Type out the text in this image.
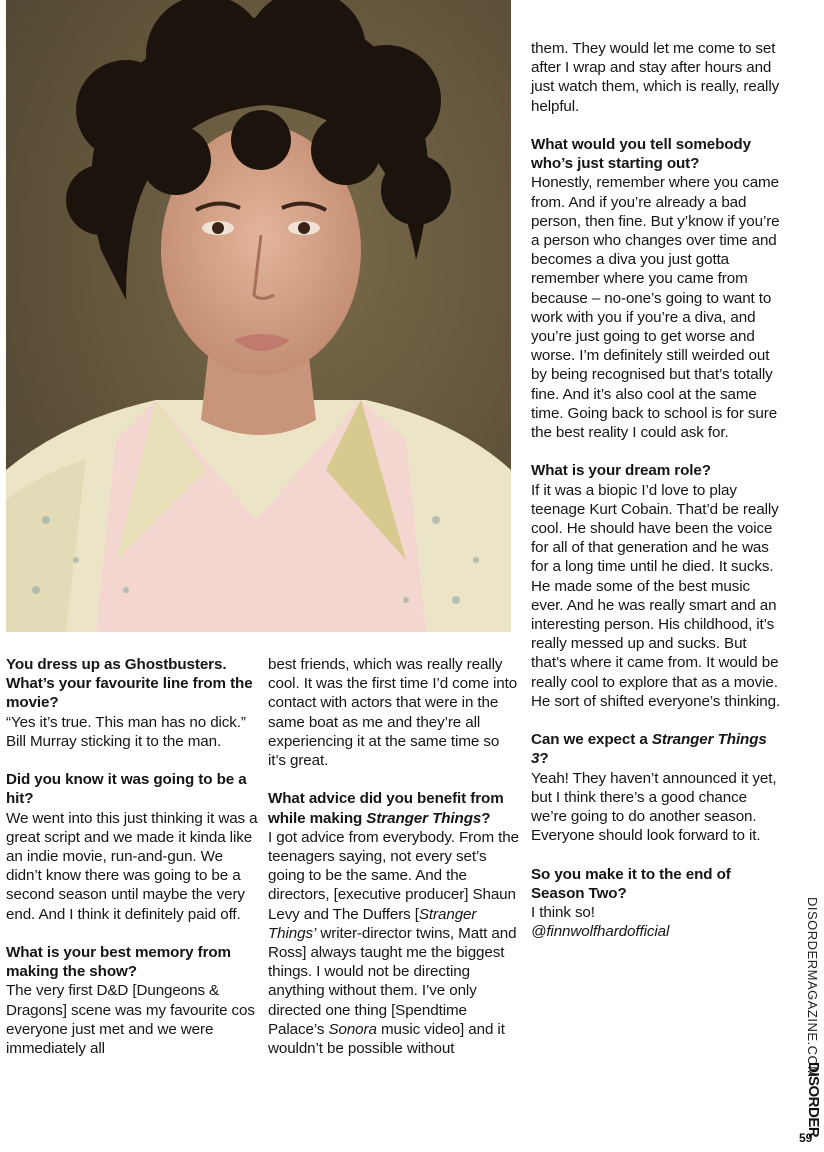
You dress up as Ghostbusters. What’s your favourite line from the movie?

“Yes it’s true. This man has no dick.” Bill Murray sticking it to the man.

Did you know it was going to be a hit?

We went into this just thinking it was a great script and we made it kinda like an indie movie, run-and-gun. We didn’t know there was going to be a second season until maybe the very end. And I think it definitely paid off.

What is your best memory from making the show?

The very first D&D [Dungeons & Dragons] scene was my favourite cos everyone just met and we were immediately all

best friends, which was really really cool. It was the first time I’d come into contact with actors that were in the same boat as me and they’re all experiencing it at the same time so it’s great.

What advice did you benefit from while making Stranger Things?

I got advice from everybody. From the teenagers saying, not every set’s going to be the same. And the directors, [executive producer] Shaun Levy and The Duffers [Stranger Things’ writer-director twins, Matt and Ross] always taught me the biggest things. I would not be directing anything without them. I’ve only directed one thing [Spendtime Palace’s Sonora music video] and it wouldn’t be possible without

them. They would let me come to set after I wrap and stay after hours and just watch them, which is really, really helpful.

What would you tell somebody who’s just starting out?

Honestly, remember where you came from. And if you’re already a bad person, then fine. But y’know if you’re a person who changes over time and becomes a diva you just gotta remember where you came from because – no-one’s going to want to work with you if you’re a diva, and you’re just going to get worse and worse. I’m definitely still weirded out by being recognised but that’s totally fine. And it’s also cool at the same time. Going back to school is for sure the best reality I could ask for.

What is your dream role?

If it was a biopic I’d love to play teenage Kurt Cobain. That’d be really cool. He should have been the voice for all of that generation and he was for a long time until he died. It sucks. He made some of the best music ever. And he was really smart and an interesting person. His childhood, it’s really messed up and sucks. But that’s where it came from. It would be really cool to explore that as a movie. He sort of shifted everyone’s thinking.

Can we expect a Stranger Things 3?

Yeah! They haven’t announced it yet, but I think there’s a good chance we’re going to do another season. Everyone should look forward to it.

So you make it to the end of Season Two?

I think so!

@finnwolfhardofficial	DISORDERMAGAZINE.COM
DISORDER
59
